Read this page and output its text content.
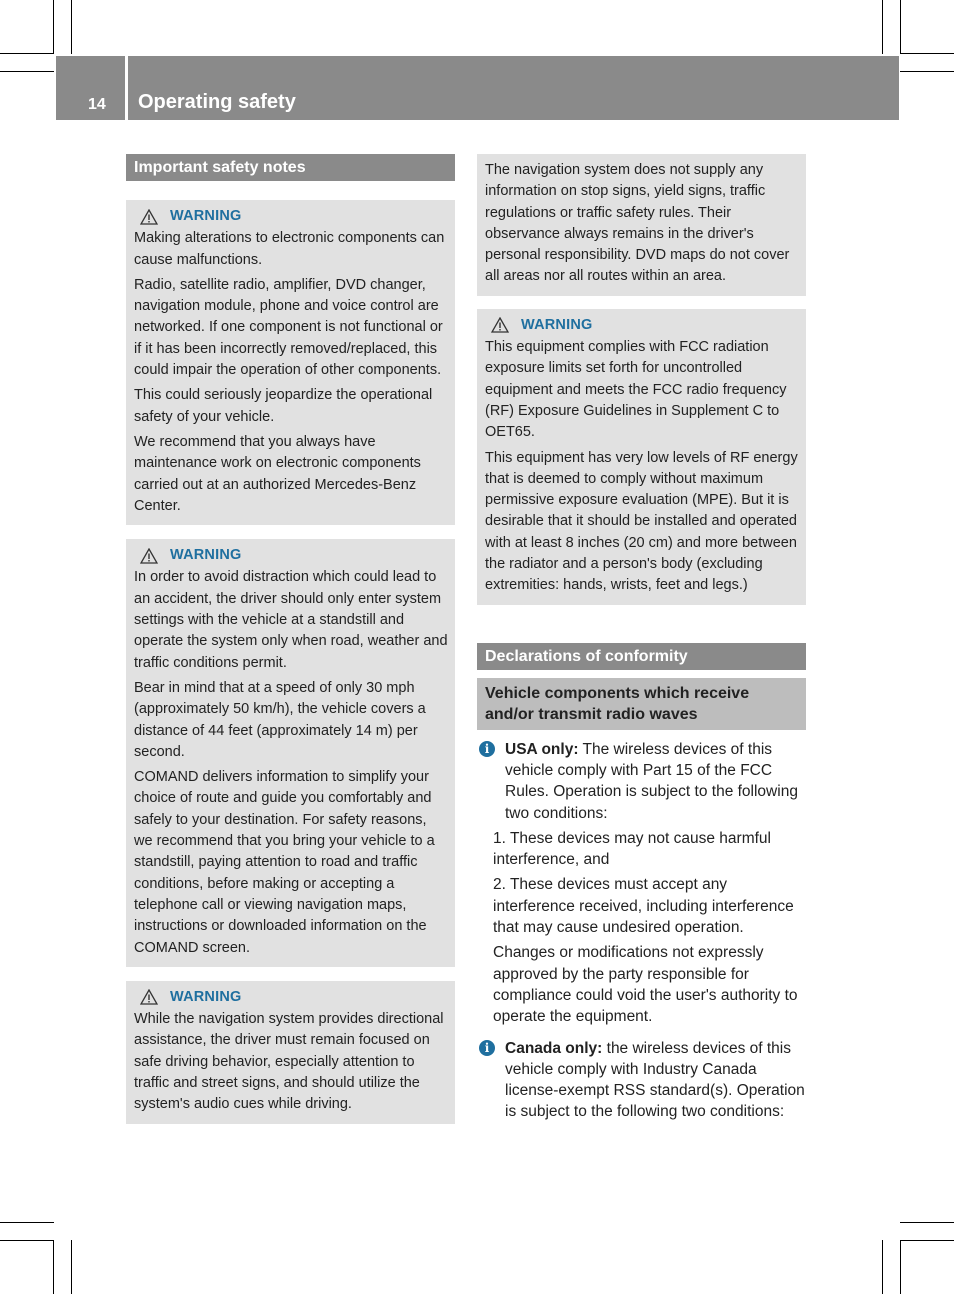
14 Operating safety
Important safety notes
WARNING

Making alterations to electronic components can cause malfunctions.

Radio, satellite radio, amplifier, DVD changer, navigation module, phone and voice control are networked. If one component is not functional or if it has been incorrectly removed/replaced, this could impair the operation of other components.

This could seriously jeopardize the operational safety of your vehicle.

We recommend that you always have maintenance work on electronic components carried out at an authorized Mercedes-Benz Center.

WARNING

In order to avoid distraction which could lead to an accident, the driver should only enter system settings with the vehicle at a standstill and operate the system only when road, weather and traffic conditions permit.

Bear in mind that at a speed of only 30 mph (approximately 50 km/h), the vehicle covers a distance of 44 feet (approximately 14 m) per second.

COMAND delivers information to simplify your choice of route and guide you comfortably and safely to your destination. For safety reasons, we recommend that you bring your vehicle to a standstill, paying attention to road and traffic conditions, before making or accepting a telephone call or viewing navigation maps, instructions or downloaded information on the COMAND screen.

WARNING

While the navigation system provides directional assistance, the driver must remain focused on safe driving behavior, especially attention to traffic and street signs, and should utilize the system's audio cues while driving.

The navigation system does not supply any information on stop signs, yield signs, traffic regulations or traffic safety rules. Their observance always remains in the driver's personal responsibility. DVD maps do not cover all areas nor all routes within an area.

WARNING

This equipment complies with FCC radiation exposure limits set forth for uncontrolled equipment and meets the FCC radio frequency (RF) Exposure Guidelines in Supplement C to OET65.

This equipment has very low levels of RF energy that is deemed to comply without maximum permissive exposure evaluation (MPE). But it is desirable that it should be installed and operated with at least 8 inches (20 cm) and more between the radiator and a person's body (excluding extremities: hands, wrists, feet and legs.)

Declarations of conformity
Vehicle components which receive and/or transmit radio waves
i	USA only: The wireless devices of this vehicle comply with Part 15 of the FCC Rules. Operation is subject to the following two conditions:

1. These devices may not cause harmful interference, and

2. These devices must accept any interference received, including interference that may cause undesired operation.

Changes or modifications not expressly approved by the party responsible for compliance could void the user's authority to operate the equipment.

i	Canada only: the wireless devices of this vehicle comply with Industry Canada license-exempt RSS standard(s). Operation is subject to the following two conditions:
